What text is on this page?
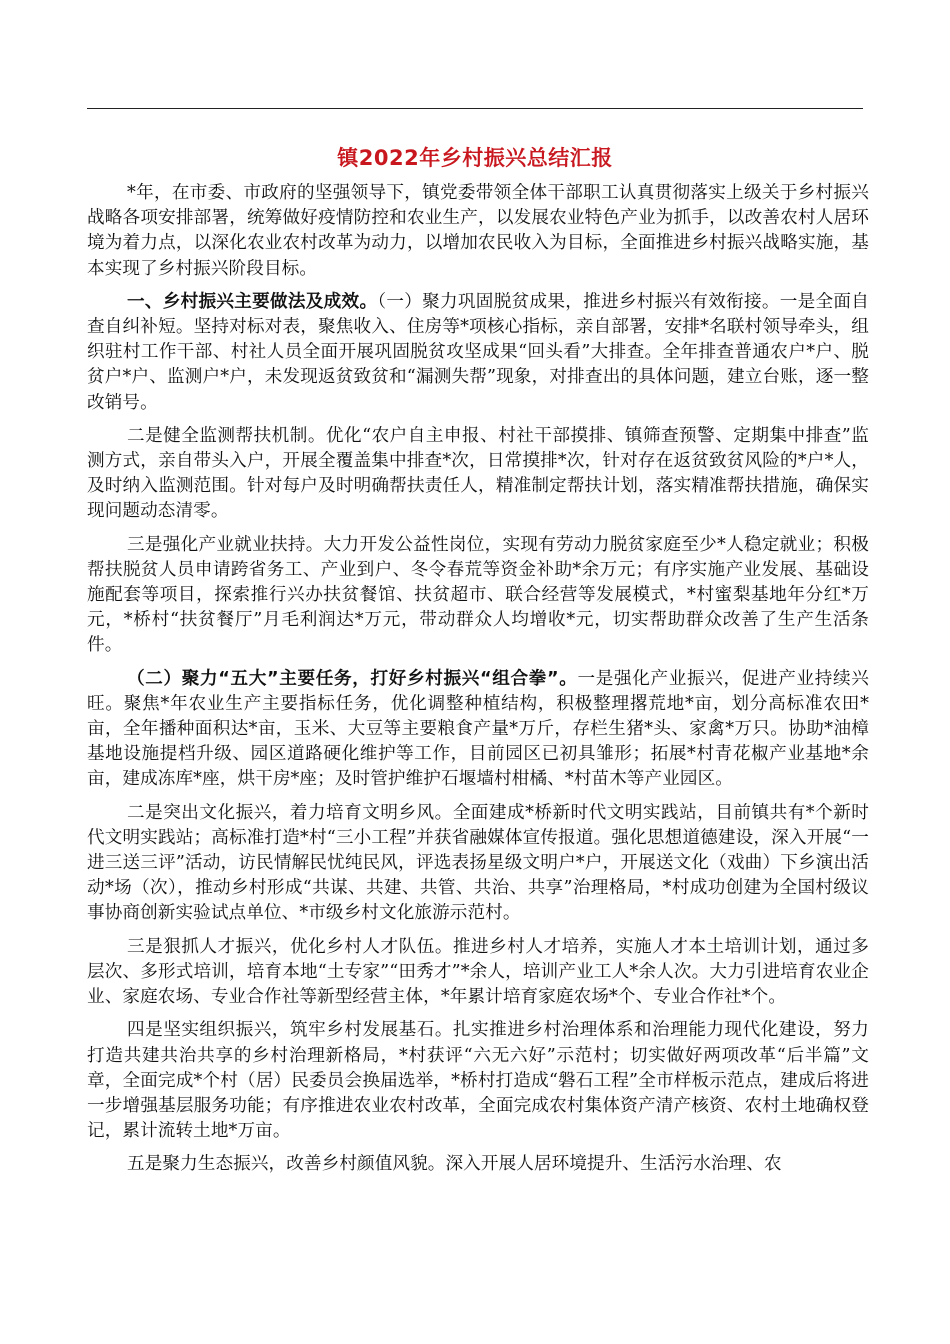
镇2022年乡村振兴总结汇报

*年，在市委、市政府的坚强领导下，镇党委带领全体干部职工认真贯彻落实上级关于乡村振兴战略各项安排部署，统筹做好疫情防控和农业生产，以发展农业特色产业为抓手，以改善农村人居环境为着力点，以深化农业农村改革为动力，以增加农民收入为目标，全面推进乡村振兴战略实施，基本实现了乡村振兴阶段目标。

一、乡村振兴主要做法及成效。（一）聚力巩固脱贫成果，推进乡村振兴有效衔接。一是全面自查自纠补短。坚持对标对表，聚焦收入、住房等*项核心指标，亲自部署，安排*名联村领导牵头，组织驻村工作干部、村社人员全面开展巩固脱贫攻坚成果“回头看”大排查。全年排查普通农户*户、脱贫户*户、监测户*户，未发现返贫致贫和“漏测失帮”现象，对排查出的具体问题，建立台账，逐一整改销号。

二是健全监测帮扶机制。优化“农户自主申报、村社干部摸排、镇筛查预警、定期集中排查”监测方式，亲自带头入户，开展全覆盖集中排查*次，日常摸排*次，针对存在返贫致贫风险的*户*人，及时纳入监测范围。针对每户及时明确帮扶责任人，精准制定帮扶计划，落实精准帮扶措施，确保实现问题动态清零。

三是强化产业就业扶持。大力开发公益性岗位，实现有劳动力脱贫家庭至少*人稳定就业；积极帮扶脱贫人员申请跨省务工、产业到户、冬令春荒等资金补助*余万元；有序实施产业发展、基础设施配套等项目，探索推行兴办扶贫餐馆、扶贫超市、联合经营等发展模式，*村蜜梨基地年分红*万元，*桥村“扶贫餐厅”月毛利润达*万元，带动群众人均增收*元，切实帮助群众改善了生产生活条件。

（二）聚力“五大”主要任务，打好乡村振兴“组合拳”。一是强化产业振兴，促进产业持续兴旺。聚焦*年农业生产主要指标任务，优化调整种植结构，积极整理撂荒地*亩，划分高标准农田*亩，全年播种面积达*亩，玉米、大豆等主要粮食产量*万斤，存栏生猪*头、家禽*万只。协助*油樟基地设施提档升级、园区道路硬化维护等工作，目前园区已初具雏形；拓展*村青花椒产业基地*余亩，建成冻库*座，烘干房*座；及时管护维护石堰墙村柑橘、*村苗木等产业园区。

二是突出文化振兴，着力培育文明乡风。全面建成*桥新时代文明实践站，目前镇共有*个新时代文明实践站；高标准打造*村“三小工程”并获省融媒体宣传报道。强化思想道德建设，深入开展“一进三送三评”活动，访民情解民忧纯民风，评选表扬星级文明户*户，开展送文化（戏曲）下乡演出活动*场（次），推动乡村形成“共谋、共建、共管、共治、共享”治理格局，*村成功创建为全国村级议事协商创新实验试点单位、*市级乡村文化旅游示范村。

三是狠抓人才振兴，优化乡村人才队伍。推进乡村人才培养，实施人才本土培训计划，通过多层次、多形式培训，培育本地“土专家”“田秀才”*余人，培训产业工人*余人次。大力引进培育农业企业、家庭农场、专业合作社等新型经营主体，*年累计培育家庭农场*个、专业合作社*个。

四是坚实组织振兴，筑牢乡村发展基石。扎实推进乡村治理体系和治理能力现代化建设，努力打造共建共治共享的乡村治理新格局，*村获评“六无六好”示范村；切实做好两项改革“后半篇”文章，全面完成*个村（居）民委员会换届选举，*桥村打造成“磐石工程”全市样板示范点，建成后将进一步增强基层服务功能；有序推进农业农村改革，全面完成农村集体资产清产核资、农村土地确权登记，累计流转土地*万亩。

五是聚力生态振兴，改善乡村颜值风貌。深入开展人居环境提升、生活污水治理、农
